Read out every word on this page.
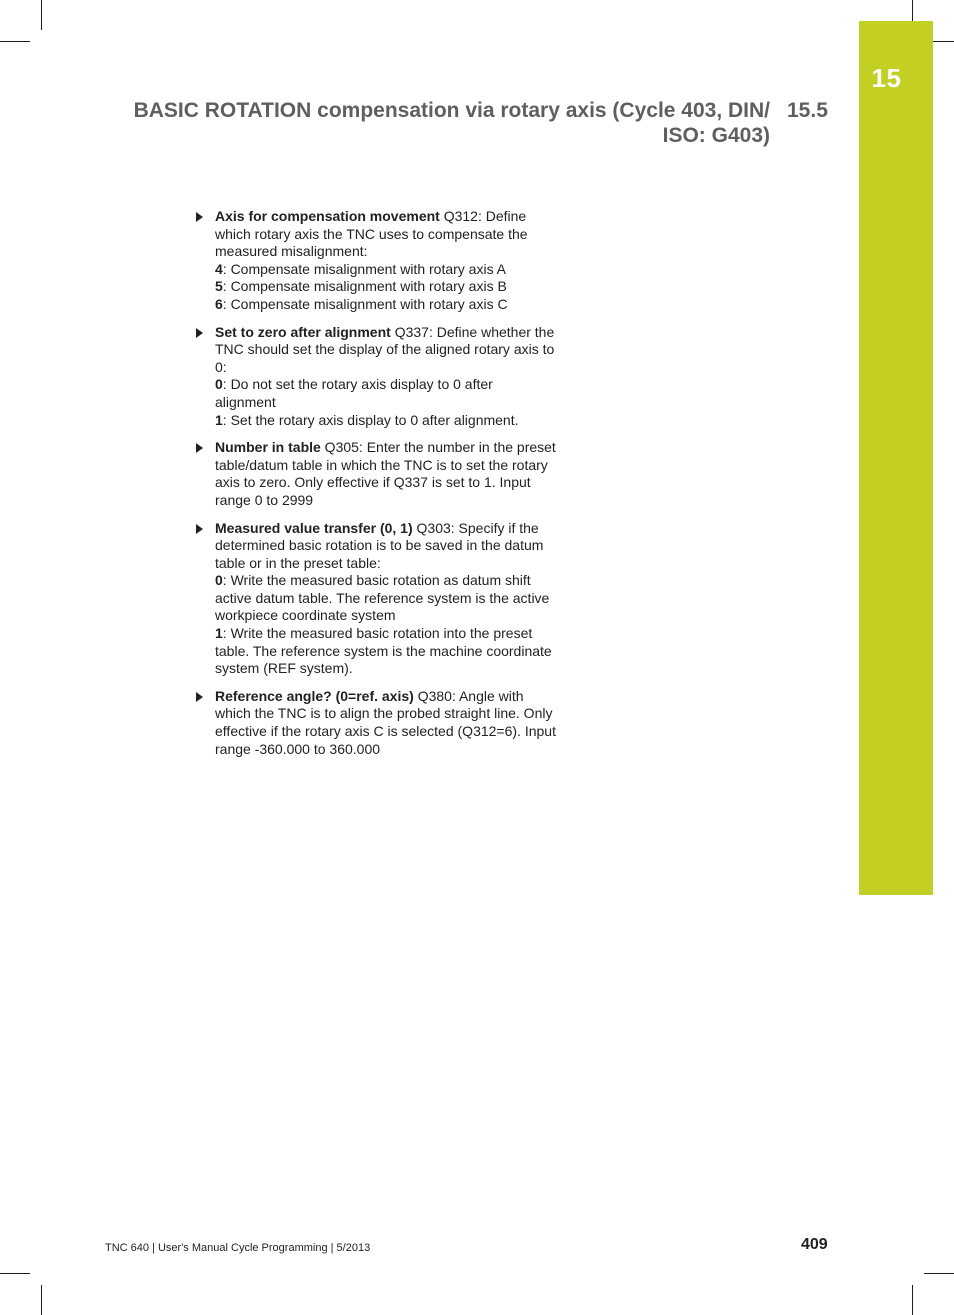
15
BASIC ROTATION compensation via rotary axis (Cycle 403, DIN/
ISO: G403)
15.5
Axis for compensation movement Q312: Define which rotary axis the TNC uses to compensate the measured misalignment:
4: Compensate misalignment with rotary axis A
5: Compensate misalignment with rotary axis B
6: Compensate misalignment with rotary axis C
Set to zero after alignment Q337: Define whether the TNC should set the display of the aligned rotary axis to 0:
0: Do not set the rotary axis display to 0 after alignment
1: Set the rotary axis display to 0 after alignment.
Number in table Q305: Enter the number in the preset table/datum table in which the TNC is to set the rotary axis to zero. Only effective if Q337 is set to 1. Input range 0 to 2999
Measured value transfer (0, 1) Q303: Specify if the determined basic rotation is to be saved in the datum table or in the preset table:
0: Write the measured basic rotation as datum shift active datum table. The reference system is the active workpiece coordinate system
1: Write the measured basic rotation into the preset table. The reference system is the machine coordinate system (REF system).
Reference angle? (0=ref. axis) Q380: Angle with which the TNC is to align the probed straight line. Only effective if the rotary axis C is selected (Q312=6). Input range -360.000 to 360.000
TNC 640 | User's Manual Cycle Programming | 5/2013	409
